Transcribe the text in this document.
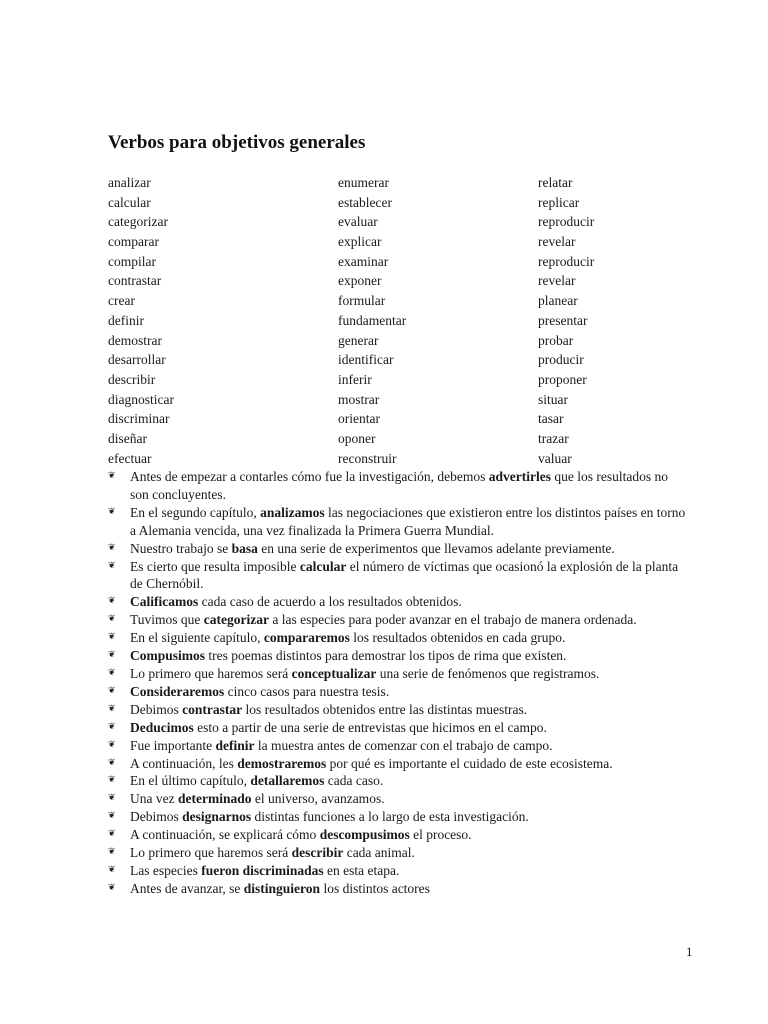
Verbos para objetivos generales
analizar
calcular
categorizar
comparar
compilar
contrastar
crear
definir
demostrar
desarrollar
describir
diagnosticar
discriminar
diseñar
efectuar
enumerar
establecer
evaluar
explicar
examinar
exponer
formular
fundamentar
generar
identificar
inferir
mostrar
orientar
oponer
reconstruir
relatar
replicar
reproducir
revelar
reproducir
revelar
planear
presentar
probar
producir
proponer
situar
tasar
trazar
valuar

❦ Antes de empezar a contarles cómo fue la investigación, debemos advertirles que los resultados no son concluyentes.

❦ En el segundo capítulo, analizamos las negociaciones que existieron entre los distintos países en torno a Alemania vencida, una vez finalizada la Primera Guerra Mundial.

❦ Nuestro trabajo se basa en una serie de experimentos que llevamos adelante previamente.

❦ Es cierto que resulta imposible calcular el número de víctimas que ocasionó la explosión de la planta de Chernóbil.

❦ Calificamos cada caso de acuerdo a los resultados obtenidos.

❦ Tuvimos que categorizar a las especies para poder avanzar en el trabajo de manera ordenada.

❦ En el siguiente capítulo, compararemos los resultados obtenidos en cada grupo.

❦ Compusimos tres poemas distintos para demostrar los tipos de rima que existen.

❦ Lo primero que haremos será conceptualizar una serie de fenómenos que registramos.

❦ Consideraremos cinco casos para nuestra tesis.

❦ Debimos contrastar los resultados obtenidos entre las distintas muestras.

❦ Deducimos esto a partir de una serie de entrevistas que hicimos en el campo.

❦ Fue importante definir la muestra antes de comenzar con el trabajo de campo.

❦ A continuación, les demostraremos por qué es importante el cuidado de este ecosistema.

❦ En el último capítulo, detallaremos cada caso.

❦ Una vez determinado el universo, avanzamos.

❦ Debimos designarnos distintas funciones a lo largo de esta investigación.

❦ A continuación, se explicará cómo descompusimos el proceso.

❦ Lo primero que haremos será describir cada animal.

❦ Las especies fueron discriminadas en esta etapa.

❦ Antes de avanzar, se distinguieron los distintos actores

1
